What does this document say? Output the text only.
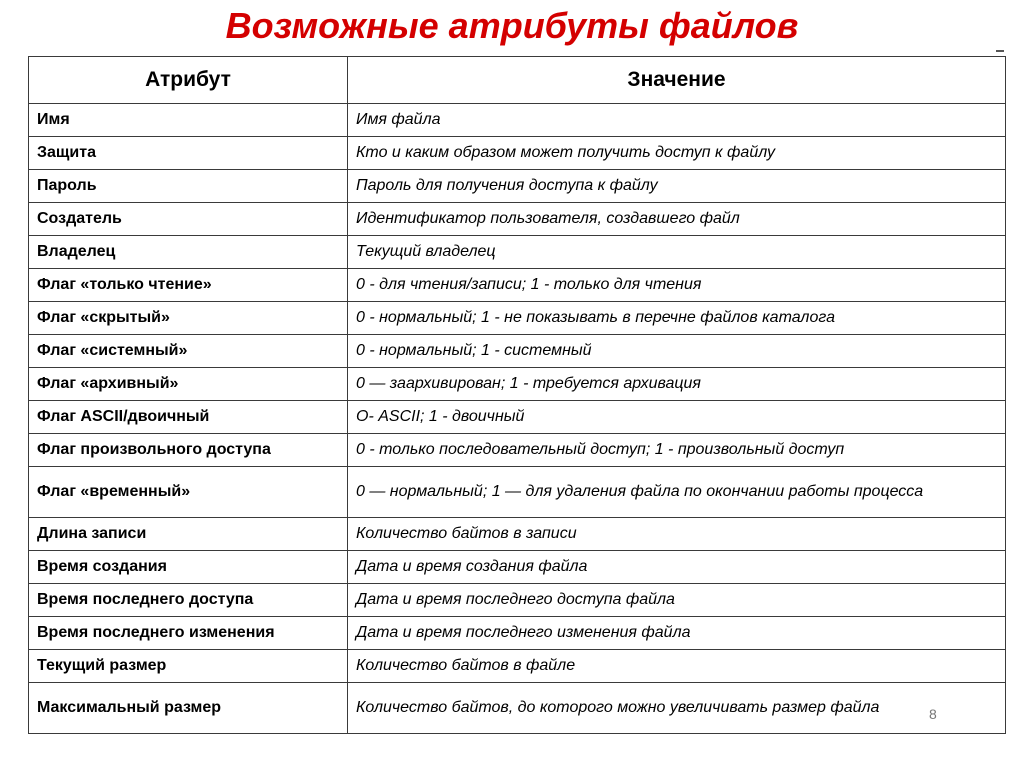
Возможные атрибуты файлов
Атрибут	Значение
Имя	Имя файла
Защита	Кто и каким образом может получить доступ к файлу
Пароль	Пароль для получения доступа к файлу
Создатель	Идентификатор пользователя, создавшего файл
Владелец	Текущий владелец
Флаг «только чтение»	0 - для чтения/записи; 1 - только для чтения
Флаг «скрытый»	0 - нормальный; 1 - не показывать в перечне файлов каталога
Флаг «системный»	0 - нормальный; 1 - системный
Флаг «архивный»	0 — заархивирован; 1 - требуется архивация
Флаг ASCII/двоичный	О- ASCII; 1 - двоичный
Флаг произвольного доступа	0 - только последовательный доступ; 1 - произвольный доступ
Флаг «временный»	0 — нормальный; 1 — для удаления файла по окончании работы процесса
Длина записи	Количество байтов в записи
Время создания	Дата и время создания файла
Время последнего доступа	Дата и время последнего доступа файла
Время последнего изменения	Дата и время последнего изменения файла
Текущий размер	Количество байтов в файле
Максимальный размер	Количество байтов, до которого можно увеличивать размер файла	8
